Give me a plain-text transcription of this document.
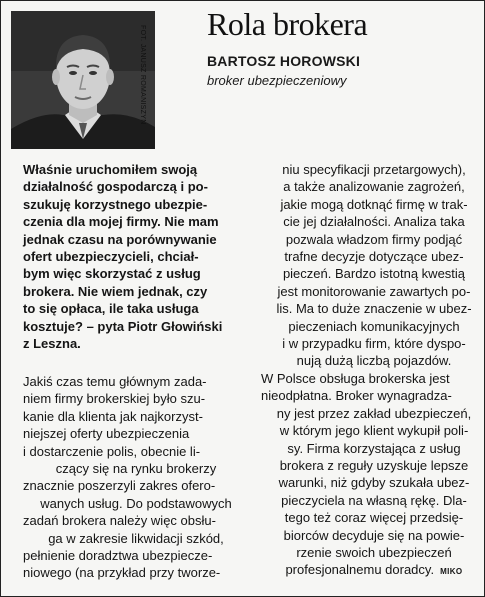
FOT. JANUSZ ROMANISZYN
Rola brokera
BARTOSZ HOROWSKI
broker ubezpieczeniowy
Właśnie uruchomiłem swoją
działalność gospodarczą i po-
szukuję korzystnego ubezpie-
czenia dla mojej firmy. Nie mam
jednak czasu na porównywanie
ofert ubezpieczycieli, chciał-
bym więc skorzystać z usług
brokera. Nie wiem jednak, czy
to się opłaca, ile taka usługa
kosztuje? – pyta Piotr Głowiński
z Leszna.
Jakiś czas temu głównym zada-
niem firmy brokerskiej było szu-
kanie dla klienta jak najkorzyst-
niejszej oferty ubezpieczenia
i dostarczenie polis, obecnie li-
czący się na rynku brokerzy
znacznie poszerzyli zakres ofero-
wanych usług. Do podstawowych
zadań brokera należy więc obsłu-
ga w zakresie likwidacji szkód,
pełnienie doradztwa ubezpiecze-
niowego (na przykład przy tworze-
niu specyfikacji przetargowych),
a także analizowanie zagrożeń,
jakie mogą dotknąć firmę w trak-
cie jej działalności. Analiza taka
pozwala władzom firmy podjąć
trafne decyzje dotyczące ubez-
pieczeń. Bardzo istotną kwestią
jest monitorowanie zawartych po-
lis. Ma to duże znaczenie w ubez-
pieczeniach komunikacyjnych
i w przypadku firm, które dyspo-
nują dużą liczbą pojazdów.
W Polsce obsługa brokerska jest
nieodpłatna. Broker wynagradza-
ny jest przez zakład ubezpieczeń,
w którym jego klient wykupił poli-
sy. Firma korzystająca z usług
brokera z reguły uzyskuje lepsze
warunki, niż gdyby szukała ubez-
pieczyciela na własną rękę. Dla-
tego też coraz więcej przedsię-
biorców decyduje się na powie-
rzenie swoich ubezpieczeń
profesjonalnemu doradcy. MIKO
